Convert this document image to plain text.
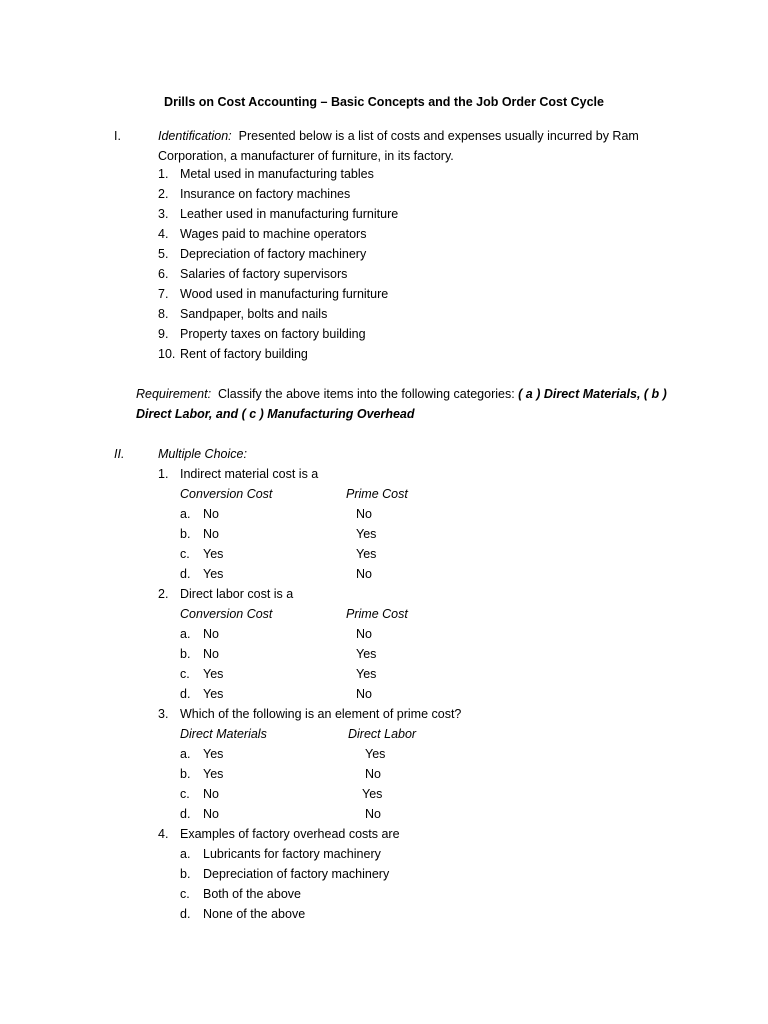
Drills on Cost Accounting – Basic Concepts and the Job Order Cost Cycle
I.	Identification: Presented below is a list of costs and expenses usually incurred by Ram Corporation, a manufacturer of furniture, in its factory.
1. Metal used in manufacturing tables
2. Insurance on factory machines
3. Leather used in manufacturing furniture
4. Wages paid to machine operators
5. Depreciation of factory machinery
6. Salaries of factory supervisors
7. Wood used in manufacturing furniture
8. Sandpaper, bolts and nails
9. Property taxes on factory building
10. Rent of factory building
Requirement: Classify the above items into the following categories: ( a ) Direct Materials, ( b ) Direct Labor, and ( c ) Manufacturing Overhead
II.	Multiple Choice:
1. Indirect material cost is a
Conversion Cost	Prime Cost
a. No	No
b. No	Yes
c. Yes	Yes
d. Yes	No
2. Direct labor cost is a
Conversion Cost	Prime Cost
a. No	No
b. No	Yes
c. Yes	Yes
d. Yes	No
3. Which of the following is an element of prime cost?
Direct Materials	Direct Labor
a. Yes	Yes
b. Yes	No
c. No	Yes
d. No	No
4. Examples of factory overhead costs are
a. Lubricants for factory machinery
b. Depreciation of factory machinery
c. Both of the above
d. None of the above
